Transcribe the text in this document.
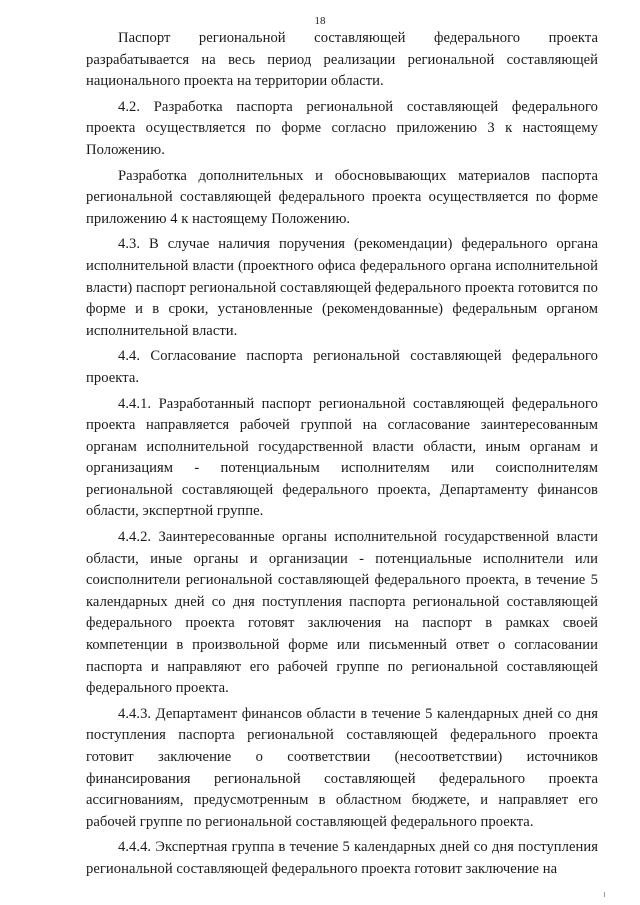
18

Паспорт региональной составляющей федерального проекта разрабатывается на весь период реализации региональной составляющей национального проекта на территории области.

4.2. Разработка паспорта региональной составляющей федерального проекта осуществляется по форме согласно приложению 3 к настоящему Положению.

Разработка дополнительных и обосновывающих материалов паспорта региональной составляющей федерального проекта осуществляется по форме приложению 4 к настоящему Положению.

4.3. В случае наличия поручения (рекомендации) федерального органа исполнительной власти (проектного офиса федерального органа исполнительной власти) паспорт региональной составляющей федерального проекта готовится по форме и в сроки, установленные (рекомендованные) федеральным органом исполнительной власти.

4.4. Согласование паспорта региональной составляющей федерального проекта.

4.4.1. Разработанный паспорт региональной составляющей федерального проекта направляется рабочей группой на согласование заинтересованным органам исполнительной государственной власти области, иным органам и организациям - потенциальным исполнителям или соисполнителям региональной составляющей федерального проекта, Департаменту финансов области, экспертной группе.

4.4.2. Заинтересованные органы исполнительной государственной власти области, иные органы и организации - потенциальные исполнители или соисполнители региональной составляющей федерального проекта, в течение 5 календарных дней со дня поступления паспорта региональной составляющей федерального проекта готовят заключения на паспорт в рамках своей компетенции в произвольной форме или письменный ответ о согласовании паспорта и направляют его рабочей группе по региональной составляющей федерального проекта.

4.4.3. Департамент финансов области в течение 5 календарных дней со дня поступления паспорта региональной составляющей федерального проекта готовит заключение о соответствии (несоответствии) источников финансирования региональной составляющей федерального проекта ассигнованиям, предусмотренным в областном бюджете, и направляет его рабочей группе по региональной составляющей федерального проекта.

4.4.4. Экспертная группа в течение 5 календарных дней со дня поступления региональной составляющей федерального проекта готовит заключение на
